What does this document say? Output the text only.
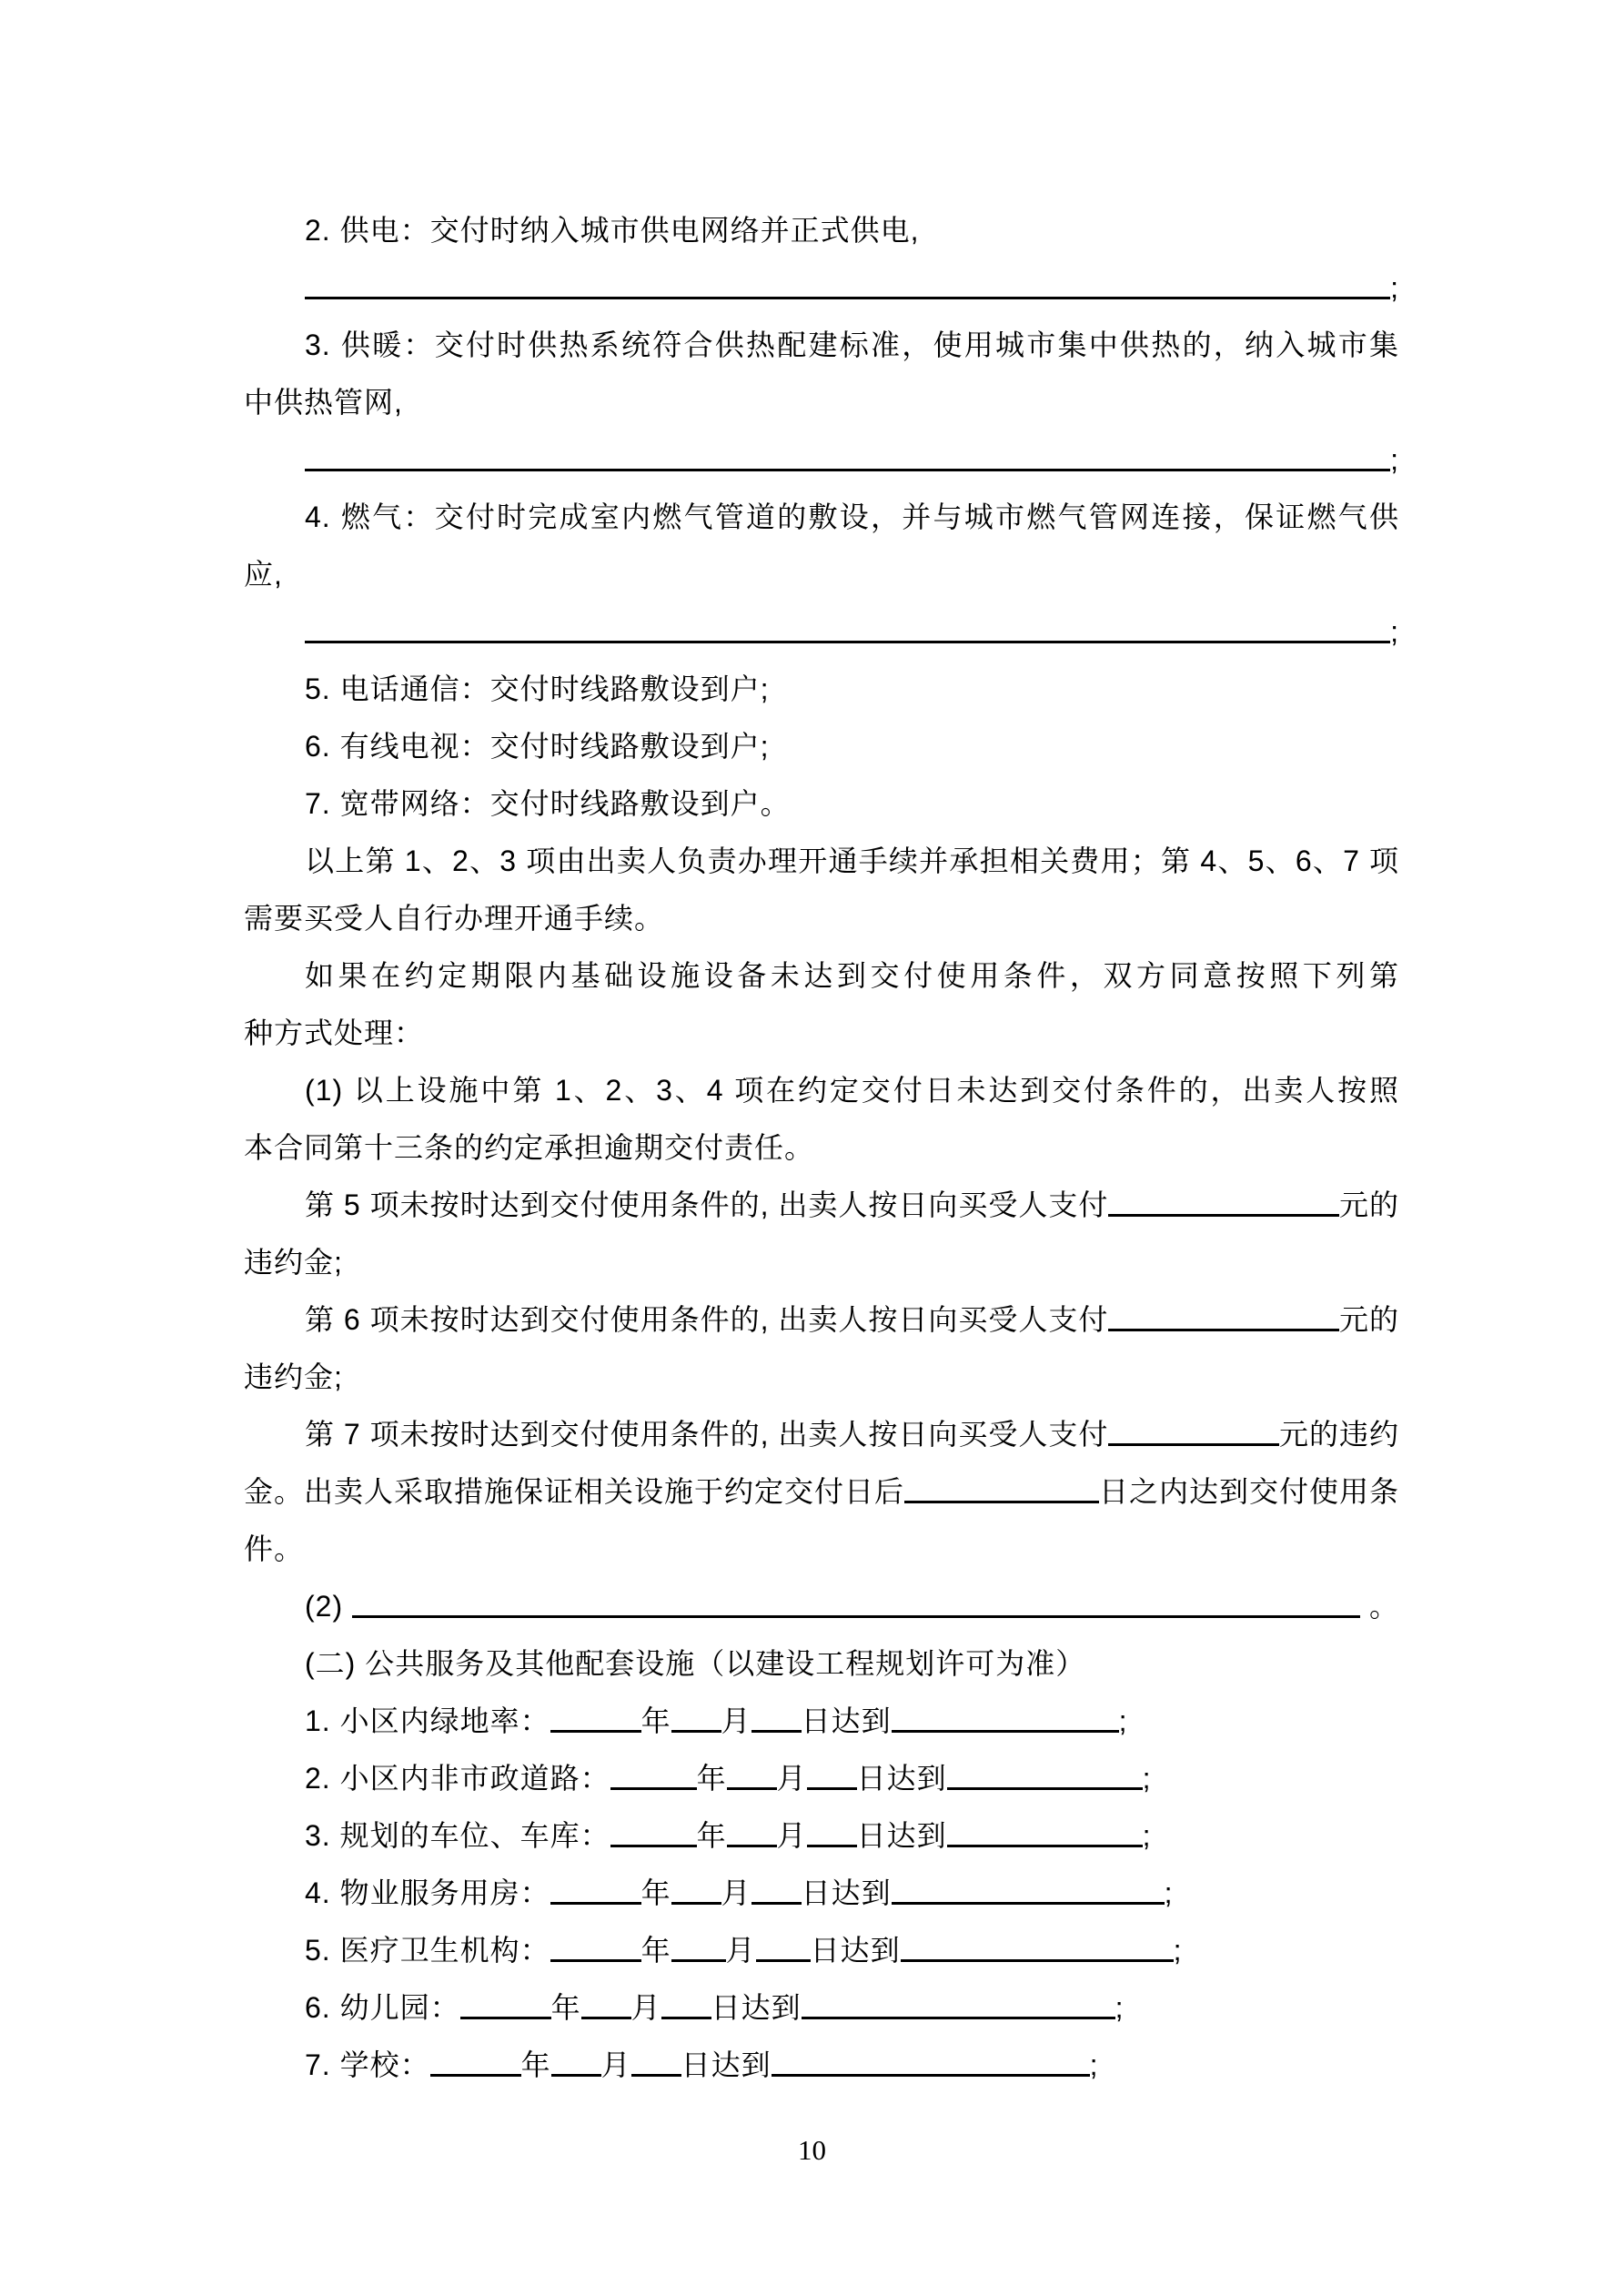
2. 供电：交付时纳入城市供电网络并正式供电,
;
3. 供暖：交付时供热系统符合供热配建标准，使用城市集中供热的，纳入城市集
中供热管网,
;
4. 燃气：交付时完成室内燃气管道的敷设，并与城市燃气管网连接，保证燃气供
应,
;
5. 电话通信：交付时线路敷设到户;
6. 有线电视：交付时线路敷设到户;
7. 宽带网络：交付时线路敷设到户。
以上第 1、2、3 项由出卖人负责办理开通手续并承担相关费用；第 4、5、6、7 项
需要买受人自行办理开通手续。
如果在约定期限内基础设施设备未达到交付使用条件，双方同意按照下列第
种方式处理：
(1) 以上设施中第 1、2、3、4 项在约定交付日未达到交付条件的，出卖人按照
本合同第十三条的约定承担逾期交付责任。
第 5 项未按时达到交付使用条件的, 出卖人按日向买受人支付	元的
违约金;
第 6 项未按时达到交付使用条件的, 出卖人按日向买受人支付	元的
违约金;
第 7 项未按时达到交付使用条件的, 出卖人按日向买受人支付	元的违约
金。出卖人采取措施保证相关设施于约定交付日后	日之内达到交付使用条
件。
(2)	。
(二) 公共服务及其他配套设施（以建设工程规划许可为准）
1. 小区内绿地率：	年 月 日达到	;
2. 小区内非市政道路：	年 月 日达到	;
3. 规划的车位、车库：	年 月 日达到	;
4. 物业服务用房：	年 月 日达到	;
5. 医疗卫生机构：	年 月 日达到	;
6. 幼儿园：	年 月 日达到	;
7. 学校：	年 月 日达到	;
10
